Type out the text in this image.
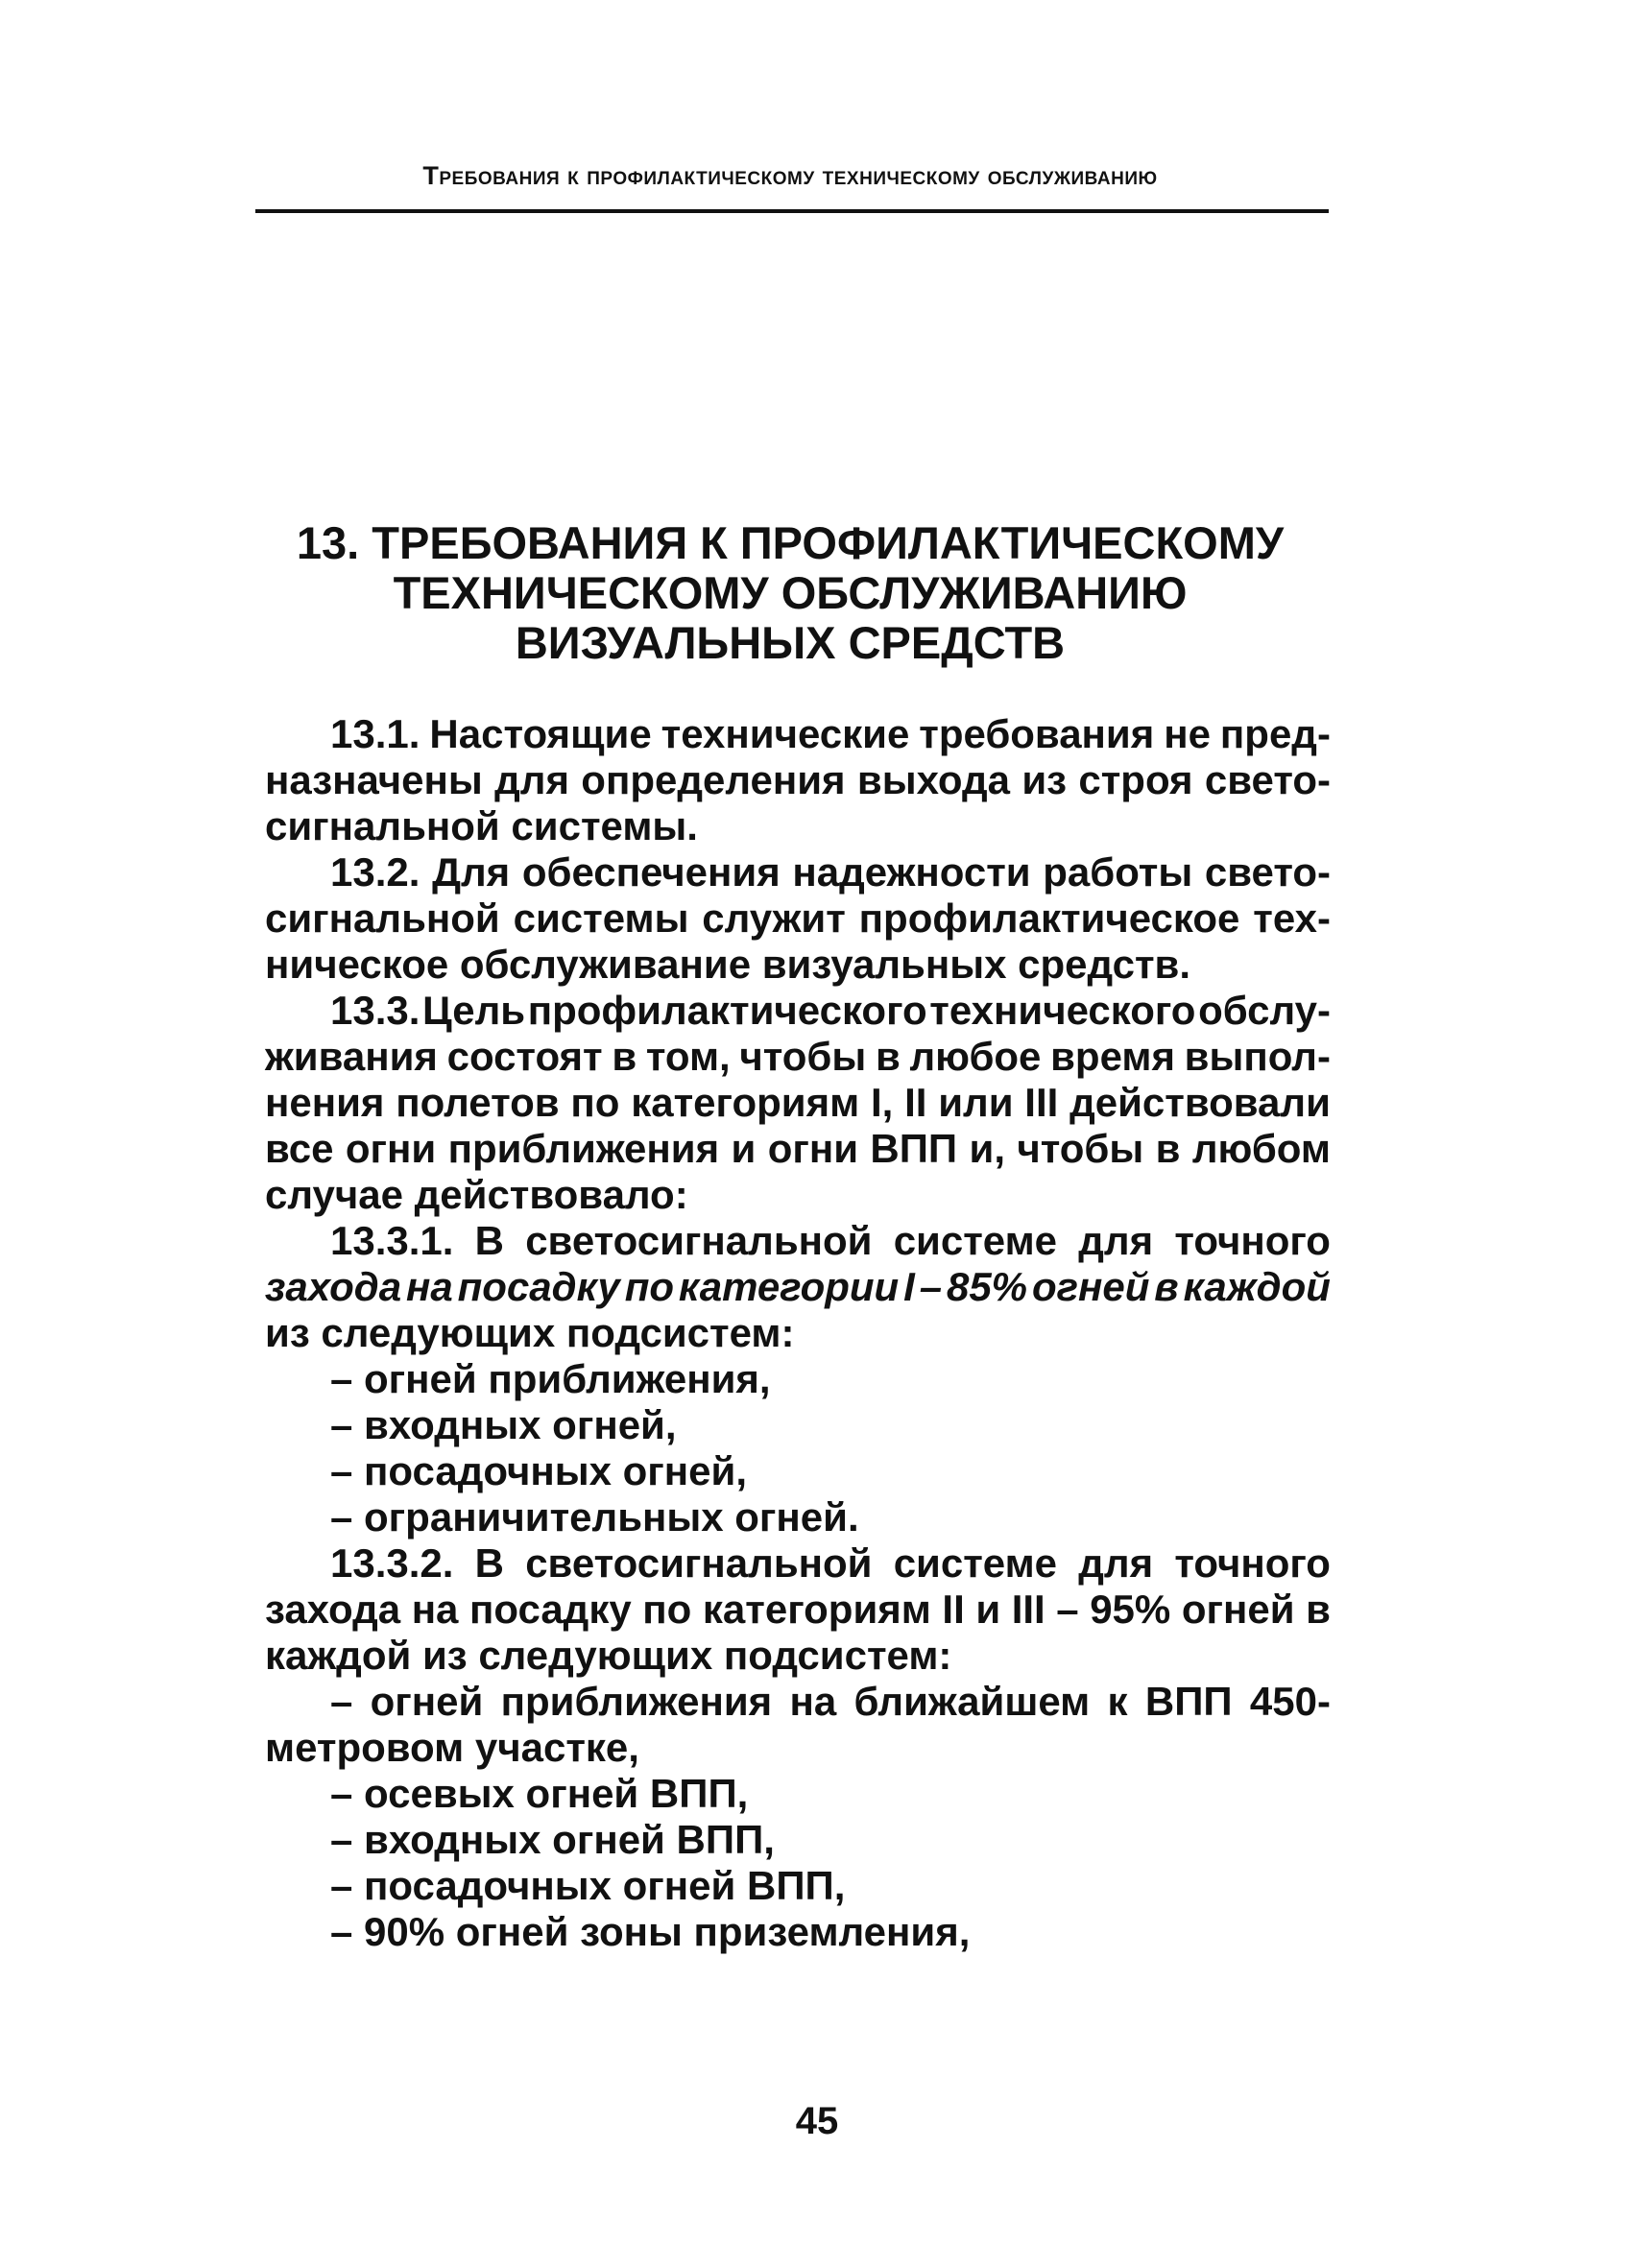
Требования к профилактическому техническому обслуживанию
13. ТРЕБОВАНИЯ К ПРОФИЛАКТИЧЕСКОМУ
ТЕХНИЧЕСКОМУ ОБСЛУЖИВАНИЮ
ВИЗУАЛЬНЫХ СРЕДСТВ
13.1. Настоящие технические требования не пред-
назначены для определения выхода из строя свето-
сигнальной системы.
13.2. Для обеспечения надежности работы свето-
сигнальной системы служит профилактическое тех-
ническое обслуживание визуальных средств.
13.3. Цель профилактического технического обслу-
живания состоят в том, чтобы в любое время выпол-
нения полетов по категориям I, II или III действовали
все огни приближения и огни ВПП и, чтобы в любом
случае действовало:
13.3.1. В светосигнальной системе для точного
захода на посадку по категории I – 85% огней в каждой
из следующих подсистем:
– огней приближения,
– входных огней,
– посадочных огней,
– ограничительных огней.
13.3.2. В светосигнальной системе для точного
захода на посадку по категориям II и III – 95% огней в
каждой из следующих подсистем:
– огней приближения на ближайшем к ВПП 450-
метровом участке,
– осевых огней ВПП,
– входных огней ВПП,
– посадочных огней ВПП,
– 90% огней зоны приземления,
45
